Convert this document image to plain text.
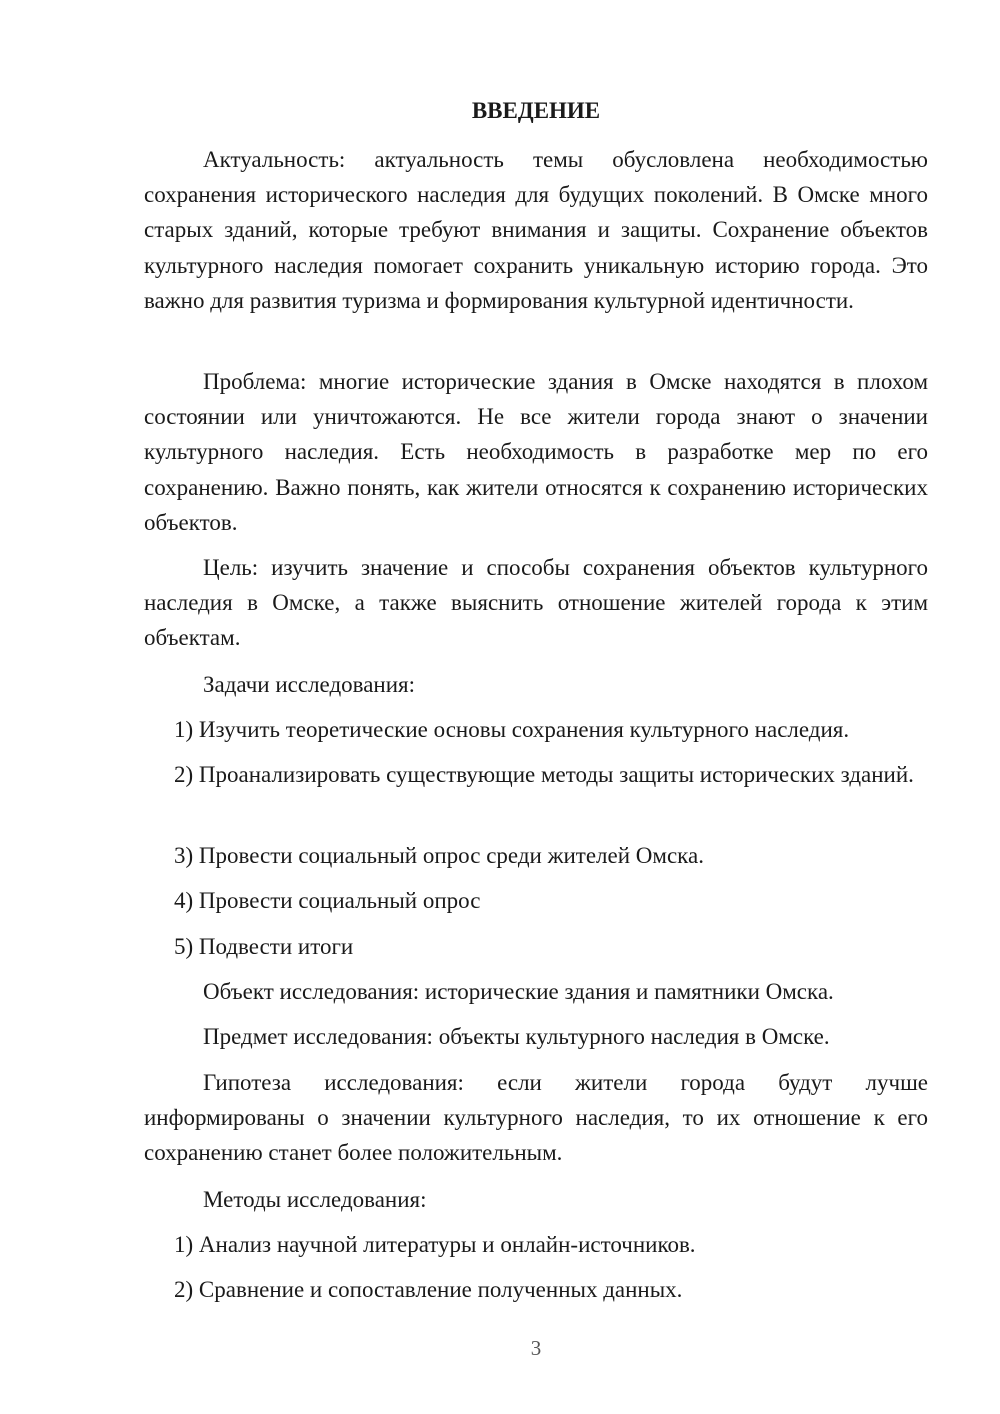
ВВЕДЕНИЕ

Актуальность: актуальность темы обусловлена необходимостью сохранения исторического наследия для будущих поколений. В Омске много старых зданий, которые требуют внимания и защиты. Сохранение объектов культурного наследия помогает сохранить уникальную историю города. Это важно для развития туризма и формирования культурной идентичности.

Проблема: многие исторические здания в Омске находятся в плохом состоянии или уничтожаются. Не все жители города знают о значении культурного наследия. Есть необходимость в разработке мер по его сохранению. Важно понять, как жители относятся к сохранению исторических объектов.

Цель: изучить значение и способы сохранения объектов культурного наследия в Омске, а также выяснить отношение жителей города к этим объектам.

Задачи исследования:

1) Изучить теоретические основы сохранения культурного наследия.

2) Проанализировать существующие методы защиты исторических зданий.

3) Провести социальный опрос среди жителей Омска.

4) Провести социальный опрос

5) Подвести итоги

Объект исследования: исторические здания и памятники Омска.

Предмет исследования: объекты культурного наследия в Омске.

Гипотеза исследования: если жители города будут лучше информированы о значении культурного наследия, то их отношение к его сохранению станет более положительным.

Методы исследования:

1) Анализ научной литературы и онлайн-источников.

2) Сравнение и сопоставление полученных данных.

3
